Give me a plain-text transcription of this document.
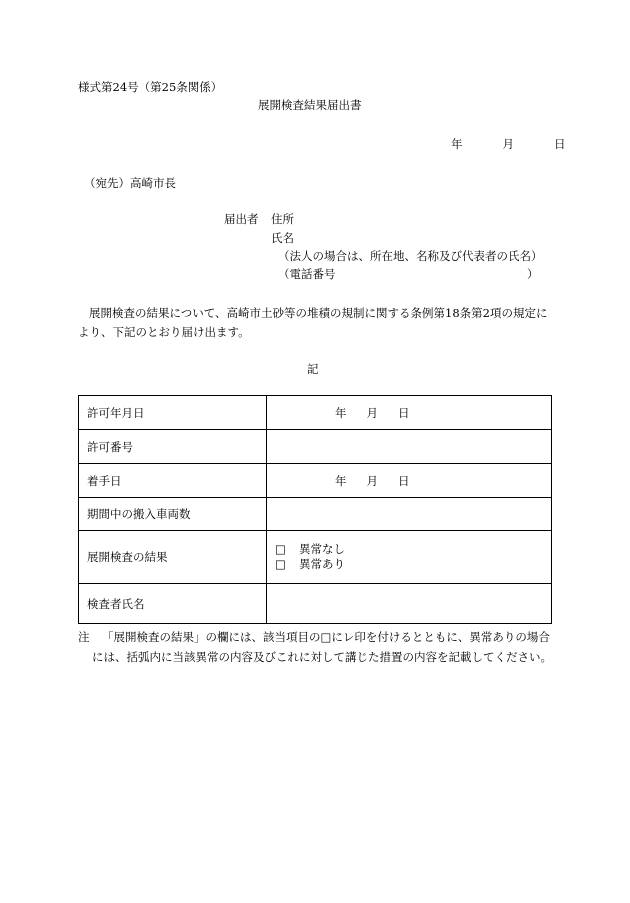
様式第24号（第25条関係）
展開検査結果届出書
年	月	日
（宛先）高崎市長
届出者 住所
氏名
（法人の場合は、所在地、名称及び代表者の氏名）
（電話番号	）
展開検査の結果について、高崎市土砂等の堆積の規制に関する条例第18条第2項の規定により、下記のとおり届け出ます。
記
許可年月日	年 月 日

許可番号	
着手日	年 月 日

期間中の搬入車両数	
展開検査の結果	□ 異常なし
□ 異常あり

検査者氏名	
注	「展開検査の結果」の欄には、該当項目の□にレ印を付けるとともに、異常ありの場合には、括弧内に当該異常の内容及びこれに対して講じた措置の内容を記載してください。
